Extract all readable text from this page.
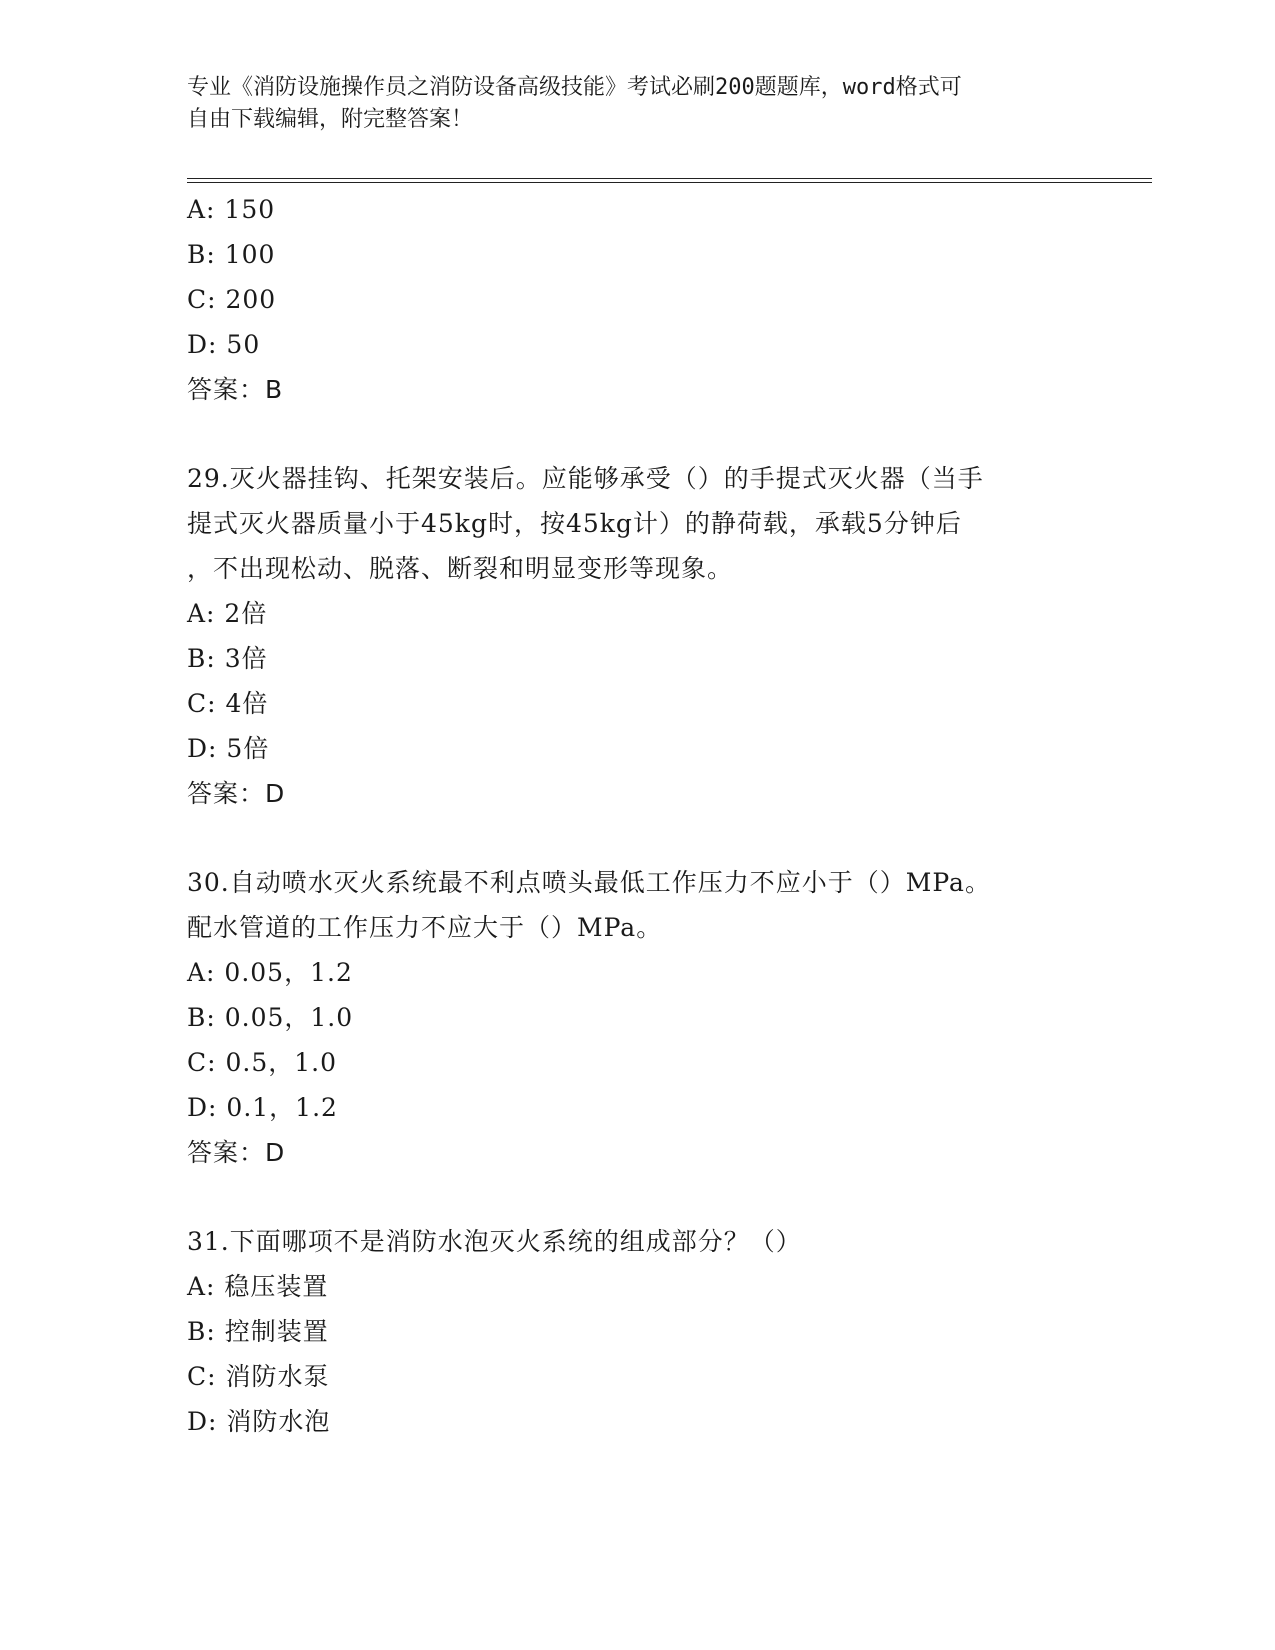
专业《消防设施操作员之消防设备高级技能》考试必刷200题题库，word格式可
自由下载编辑，附完整答案！
A: 150
B: 100
C: 200
D: 50
答案：B
29.灭火器挂钩、托架安装后。应能够承受（）的手提式灭火器（当手
提式灭火器质量小于45kg时，按45kg计）的静荷载，承载5分钟后
，不出现松动、脱落、断裂和明显变形等现象。
A: 2倍
B: 3倍
C: 4倍
D: 5倍
答案：D
30.自动喷水灭火系统最不利点喷头最低工作压力不应小于（）MPa。
配水管道的工作压力不应大于（）MPa。
A: 0.05，1.2
B: 0.05，1.0
C: 0.5，1.0
D: 0.1，1.2
答案：D
31.下面哪项不是消防水泡灭火系统的组成部分？（）
A: 稳压装置
B: 控制装置
C: 消防水泵
D: 消防水泡
